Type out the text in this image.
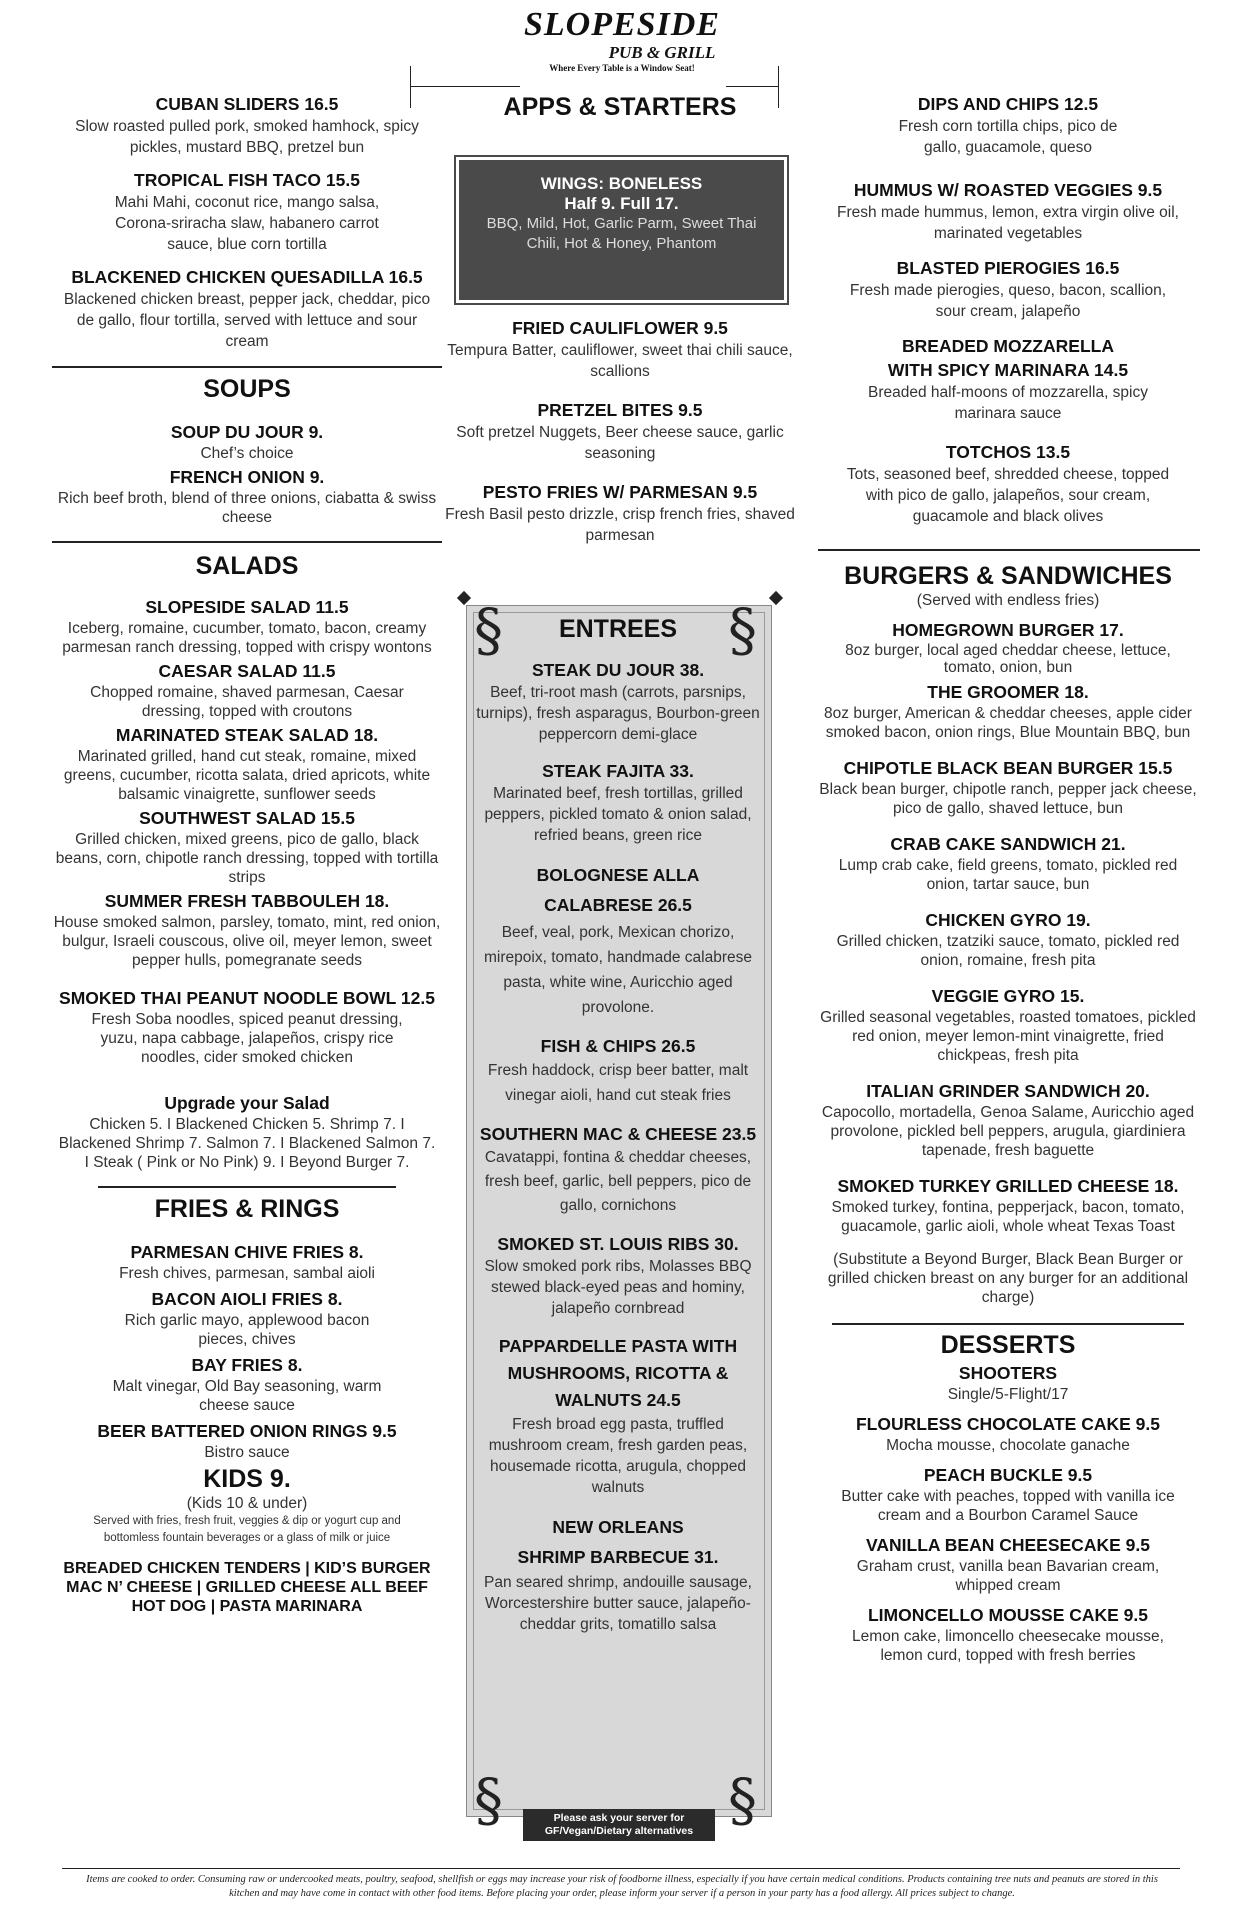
SLOPESIDE
PUB & GRILL
Where Every Table is a Window Seat!
CUBAN SLIDERS 16.5
Slow roasted pulled pork, smoked hamhock, spicy pickles, mustard BBQ, pretzel bun
TROPICAL FISH TACO 15.5
Mahi Mahi, coconut rice, mango salsa, Corona-sriracha slaw, habanero carrot sauce, blue corn tortilla
BLACKENED CHICKEN QUESADILLA 16.5
Blackened chicken breast, pepper jack, cheddar, pico de gallo, flour tortilla, served with lettuce and sour cream
SOUPS
SOUP DU JOUR 9.
Chef’s choice
FRENCH ONION 9.
Rich beef broth, blend of three onions, ciabatta & swiss cheese
SALADS
SLOPESIDE SALAD 11.5
Iceberg, romaine, cucumber, tomato, bacon, creamy parmesan ranch dressing, topped with crispy wontons
CAESAR SALAD 11.5
Chopped romaine, shaved parmesan, Caesar dressing, topped with croutons
MARINATED STEAK SALAD 18.
Marinated grilled, hand cut steak, romaine, mixed greens, cucumber, ricotta salata, dried apricots, white balsamic vinaigrette, sunflower seeds
SOUTHWEST SALAD 15.5
Grilled chicken, mixed greens, pico de gallo, black beans, corn, chipotle ranch dressing, topped with tortilla strips
SUMMER FRESH TABBOULEH 18.
House smoked salmon, parsley, tomato, mint, red onion, bulgur, Israeli couscous, olive oil, meyer lemon, sweet pepper hulls, pomegranate seeds
SMOKED THAI PEANUT NOODLE BOWL 12.5
Fresh Soba noodles, spiced peanut dressing, yuzu, napa cabbage, jalapeños, crispy rice noodles, cider smoked chicken
Upgrade your Salad
Chicken 5. I Blackened Chicken 5. Shrimp 7. I Blackened Shrimp 7. Salmon 7. I Blackened Salmon 7. I Steak ( Pink or No Pink) 9. I Beyond Burger 7.
FRIES & RINGS
PARMESAN CHIVE FRIES 8.
Fresh chives, parmesan, sambal aioli
BACON AIOLI FRIES 8.
Rich garlic mayo, applewood bacon pieces, chives
BAY FRIES 8.
Malt vinegar, Old Bay seasoning, warm cheese sauce
BEER BATTERED ONION RINGS 9.5
Bistro sauce
KIDS 9.
(Kids 10 & under)
Served with fries, fresh fruit, veggies & dip or yogurt cup and bottomless fountain beverages or a glass of milk or juice
BREADED CHICKEN TENDERS | KID’S BURGER MAC N’ CHEESE | GRILLED CHEESE ALL BEEF HOT DOG | PASTA MARINARA
APPS & STARTERS
WINGS: BONELESS
Half 9. Full 17.
BBQ, Mild, Hot, Garlic Parm, Sweet Thai Chili, Hot & Honey, Phantom
FRIED CAULIFLOWER 9.5
Tempura Batter, cauliflower, sweet thai chili sauce, scallions
PRETZEL BITES 9.5
Soft pretzel Nuggets, Beer cheese sauce, garlic seasoning
PESTO FRIES W/ PARMESAN 9.5
Fresh Basil pesto drizzle, crisp french fries, shaved parmesan
§	§
§	§
ENTREES
STEAK DU JOUR 38.
Beef, tri-root mash (carrots, parsnips, turnips), fresh asparagus, Bourbon-green peppercorn demi-glace
STEAK FAJITA 33.
Marinated beef, fresh tortillas, grilled peppers, pickled tomato & onion salad, refried beans, green rice
BOLOGNESE ALLA CALABRESE 26.5
Beef, veal, pork, Mexican chorizo, mirepoix, tomato, handmade calabrese pasta, white wine, Auricchio aged provolone.
FISH & CHIPS 26.5
Fresh haddock, crisp beer batter, malt vinegar aioli, hand cut steak fries
SOUTHERN MAC & CHEESE 23.5
Cavatappi, fontina & cheddar cheeses, fresh beef, garlic, bell peppers, pico de gallo, cornichons
SMOKED ST. LOUIS RIBS 30.
Slow smoked pork ribs, Molasses BBQ stewed black-eyed peas and hominy, jalapeño cornbread
PAPPARDELLE PASTA WITH MUSHROOMS, RICOTTA & WALNUTS 24.5
Fresh broad egg pasta, truffled mushroom cream, fresh garden peas, housemade ricotta, arugula, chopped walnuts
NEW ORLEANS SHRIMP BARBECUE 31.
Pan seared shrimp, andouille sausage, Worcestershire butter sauce, jalapeño-cheddar grits, tomatillo salsa
Please ask your server for GF/Vegan/Dietary alternatives
DIPS AND CHIPS 12.5
Fresh corn tortilla chips, pico de gallo, guacamole, queso
HUMMUS W/ ROASTED VEGGIES 9.5
Fresh made hummus, lemon, extra virgin olive oil, marinated vegetables
BLASTED PIEROGIES 16.5
Fresh made pierogies, queso, bacon, scallion, sour cream, jalapeño
BREADED MOZZARELLA WITH SPICY MARINARA 14.5
Breaded half-moons of mozzarella, spicy marinara sauce
TOTCHOS 13.5
Tots, seasoned beef, shredded cheese, topped with pico de gallo, jalapeños, sour cream, guacamole and black olives
BURGERS & SANDWICHES
(Served with endless fries)
HOMEGROWN BURGER 17.
8oz burger, local aged cheddar cheese, lettuce, tomato, onion, bun
THE GROOMER 18.
8oz burger, American & cheddar cheeses, apple cider smoked bacon, onion rings, Blue Mountain BBQ, bun
CHIPOTLE BLACK BEAN BURGER 15.5
Black bean burger, chipotle ranch, pepper jack cheese, pico de gallo, shaved lettuce, bun
CRAB CAKE SANDWICH 21.
Lump crab cake, field greens, tomato, pickled red onion, tartar sauce, bun
CHICKEN GYRO 19.
Grilled chicken, tzatziki sauce, tomato, pickled red onion, romaine, fresh pita
VEGGIE GYRO 15.
Grilled seasonal vegetables, roasted tomatoes, pickled red onion, meyer lemon-mint vinaigrette, fried chickpeas, fresh pita
ITALIAN GRINDER SANDWICH 20.
Capocollo, mortadella, Genoa Salame, Auricchio aged provolone, pickled bell peppers, arugula, giardiniera tapenade, fresh baguette
SMOKED TURKEY GRILLED CHEESE 18.
Smoked turkey, fontina, pepperjack, bacon, tomato, guacamole, garlic aioli, whole wheat Texas Toast
(Substitute a Beyond Burger, Black Bean Burger or grilled chicken breast on any burger for an additional charge)
DESSERTS
SHOOTERS
Single/5-Flight/17
FLOURLESS CHOCOLATE CAKE 9.5
Mocha mousse, chocolate ganache
PEACH BUCKLE 9.5
Butter cake with peaches, topped with vanilla ice cream and a Bourbon Caramel Sauce
VANILLA BEAN CHEESECAKE 9.5
Graham crust, vanilla bean Bavarian cream, whipped cream
LIMONCELLO MOUSSE CAKE 9.5
Lemon cake, limoncello cheesecake mousse, lemon curd, topped with fresh berries
Items are cooked to order. Consuming raw or undercooked meats, poultry, seafood, shellfish or eggs may increase your risk of foodborne illness, especially if you have certain medical conditions. Products containing tree nuts and peanuts are stored in this kitchen and may have come in contact with other food items. Before placing your order, please inform your server if a person in your party has a food allergy. All prices subject to change.
